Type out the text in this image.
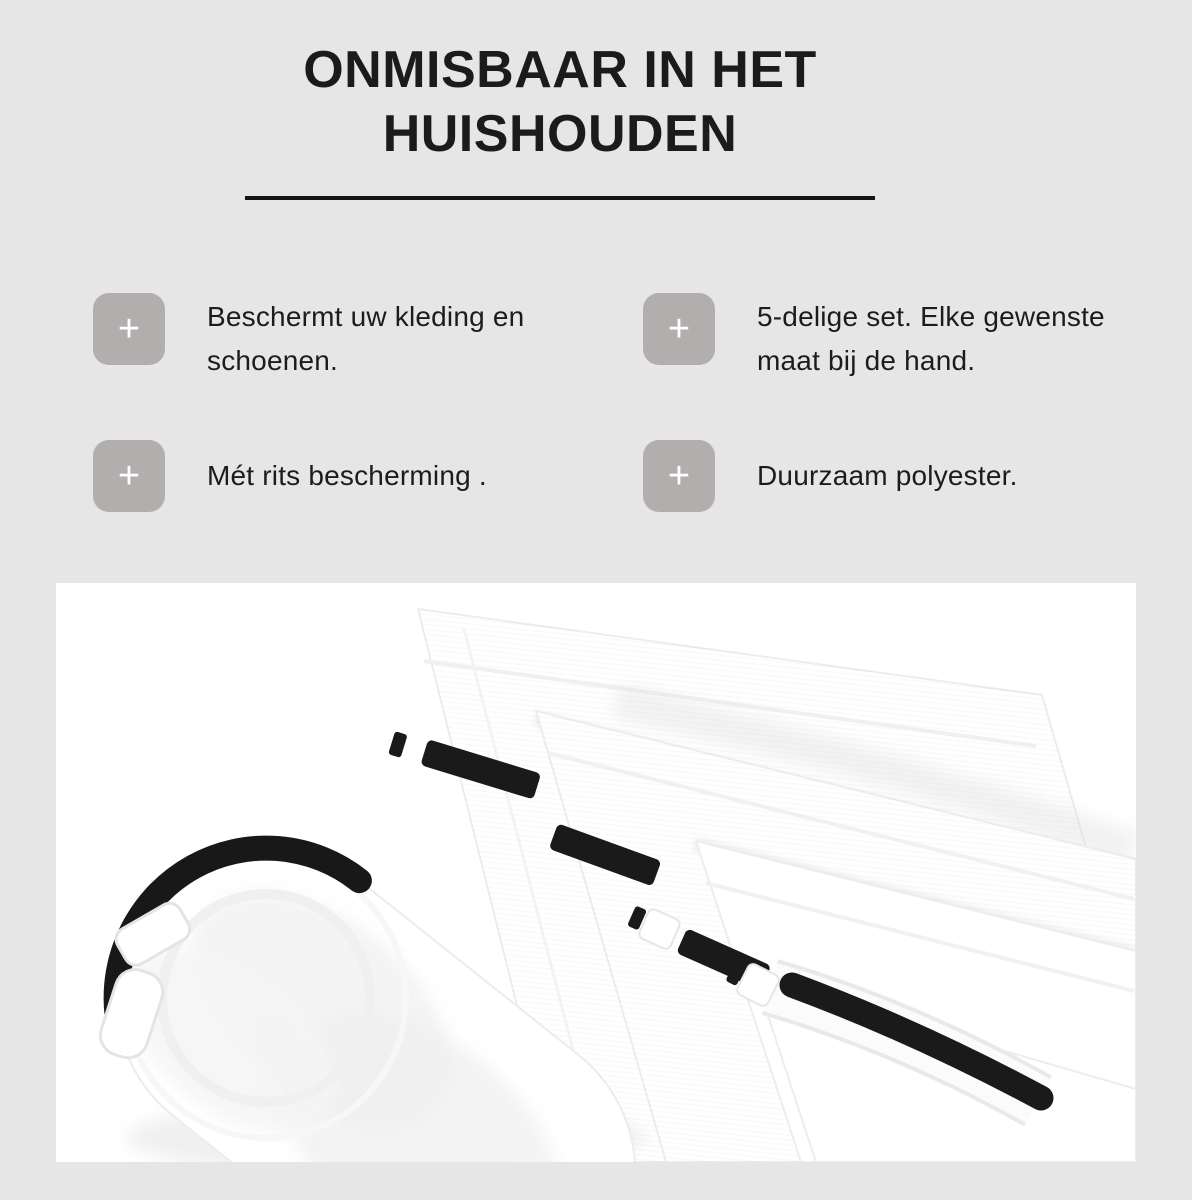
ONMISBAAR IN HET
HUISHOUDEN
+ Beschermt uw kleding en schoenen.
+ 5-delige set. Elke gewenste maat bij de hand.
+ Mét rits bescherming .	+ Duurzaam polyester.
